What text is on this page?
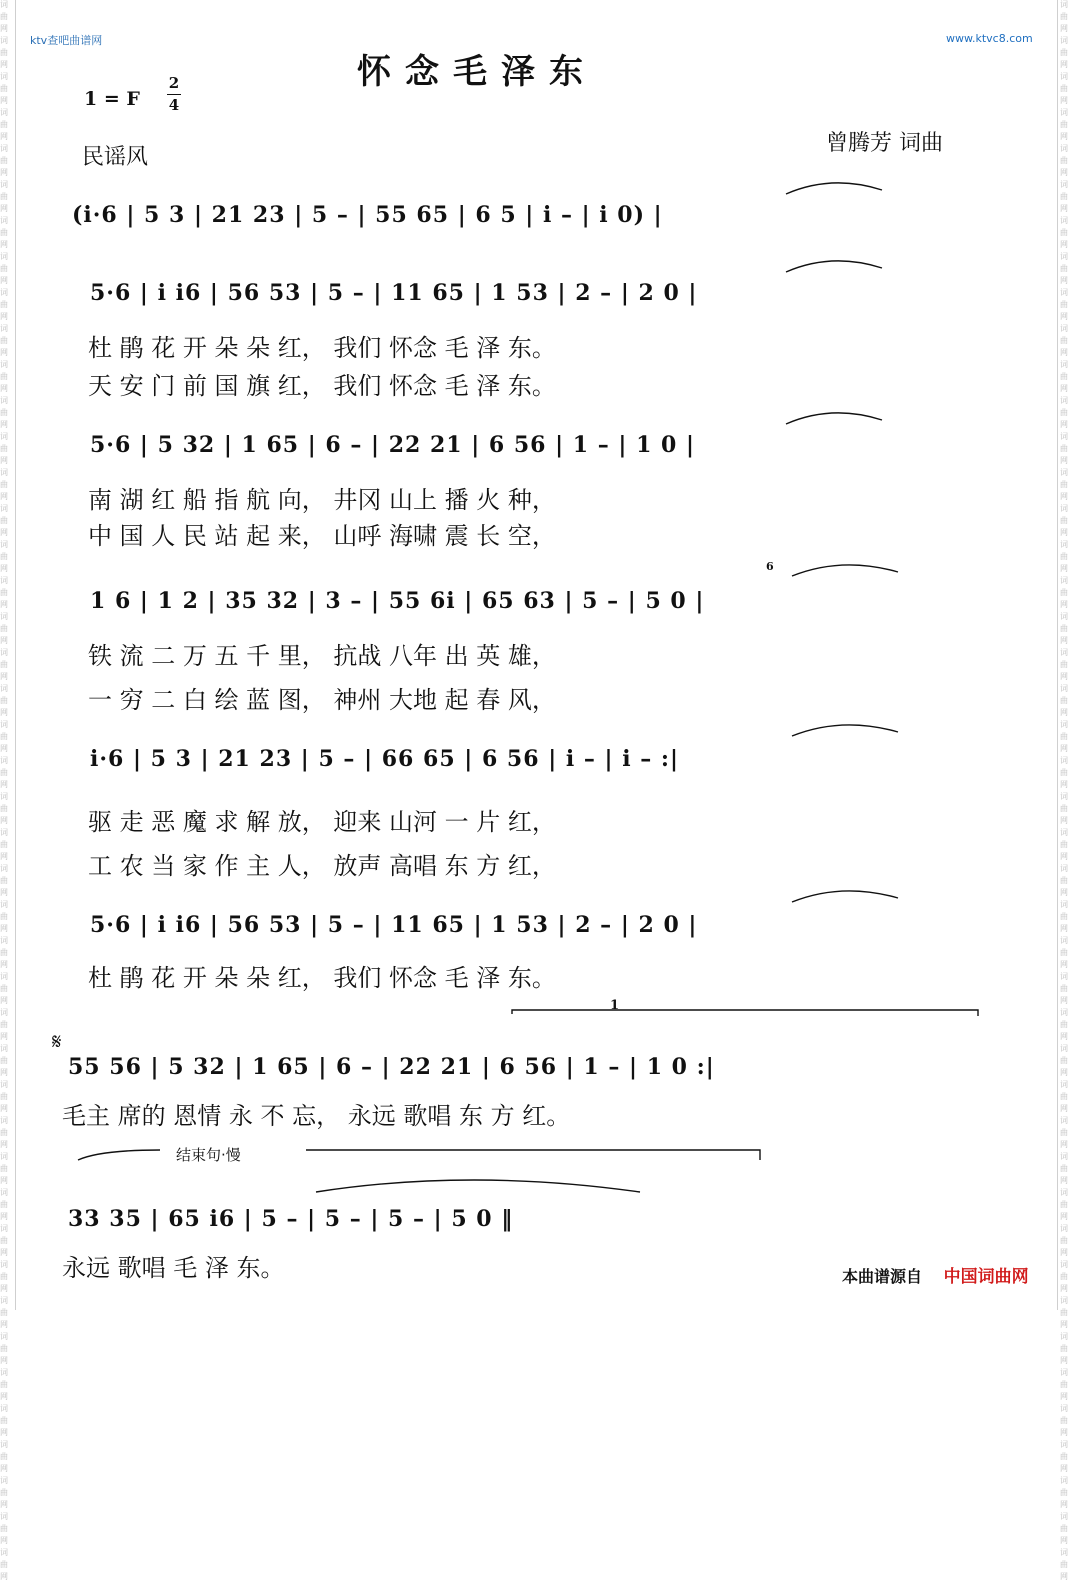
词
曲
网
词
曲
网
词
曲
网
词
曲
网
词
曲
网
词
曲
网
词
曲
网
词
曲
网
词
曲
网
词
曲
网
词
曲
网
词
曲
网
词
曲
网
词
曲
网
词
曲
网
词
曲
网
词
曲
网
词
曲
网
词
曲
网
词
曲
网
词
曲
网
词
曲
网
词
曲
网
词
曲
网
词
曲
网
词
曲
网
词
曲
网
词
曲
网
词
曲
网
词
曲
网
词
曲
网
词
曲
网
词
曲
网
词
曲
网
词
曲
网
词
曲
网
词
曲
网
词
曲
网
词
曲
网
词
曲
网
词
曲
网
词
曲
网
词
曲
网
词
曲
网
词
曲
网
词
曲
网
词
曲
网
词
曲
网
词
曲
网
词
曲
网
词
曲
网
词
曲
网
词
曲
网
词
曲
网
词
曲
网
词
曲
网
词
曲
网
词
曲
网
词
曲
网
词
曲
网
词
曲
网
词
曲
网
词
曲
网
词
曲
网
词
曲
网
词
曲
网
词
曲
网
词
曲
网
词
曲
网
词
曲
网
词
曲
网
词
曲
网
词
曲
网
词
曲
网
词
曲
网
词
曲
网
词
曲
网
词
曲
网
词
曲
网
词
曲
网
词
曲
网
词
曲
网
词
曲
网
词
曲
网
词
曲
网
词
曲
网
词
曲
网
词
曲
网
ktv查吧曲谱网	www.ktvc8.com
怀念毛泽东
1 = F
2
4
民谣风
曾腾芳 词曲
(i·6 | 5 3 | 21 23 | 5 – | 55 65 | 6 5 | i – | i 0) |
5·6 | i i6 | 56 53 | 5 – | 11 65 | 1 53 | 2 – | 2 0 |
杜 鹃 花 开 朵 朵 红， 我们 怀念 毛 泽 东。
天 安 门 前 国 旗 红， 我们 怀念 毛 泽 东。
5·6 | 5 32 | 1 65 | 6 – | 22 21 | 6 56 | 1 – | 1 0 |
南 湖 红 船 指 航 向， 井冈 山上 播 火 种，
中 国 人 民 站 起 来， 山呼 海啸 震 长 空，
1 6 | 1 2 | 35 32 | 3 – | 55 6i | 65 63 | 5 – | 5 0 |
6
铁 流 二 万 五 千 里， 抗战 八年 出 英 雄，
一 穷 二 白 绘 蓝 图， 神州 大地 起 春 风，
i·6 | 5 3 | 21 23 | 5 – | 66 65 | 6 56 | i – | i – :|
驱 走 恶 魔 求 解 放， 迎来 山河 一 片 红，
工 农 当 家 作 主 人， 放声 高唱 东 方 红，
5·6 | i i6 | 56 53 | 5 – | 11 65 | 1 53 | 2 – | 2 0 |
杜 鹃 花 开 朵 朵 红， 我们 怀念 毛 泽 东。
1
𝄋
55 56 | 5 32 | 1 65 | 6 – | 22 21 | 6 56 | 1 – | 1 0 :|
毛主 席的 恩情 永 不 忘， 永远 歌唱 东 方 红。
结束句·慢
33 35 | 65 i6 | 5 – | 5 – | 5 – | 5 0 ‖
永远 歌唱 毛 泽 东。	本曲谱源自 中国词曲网
